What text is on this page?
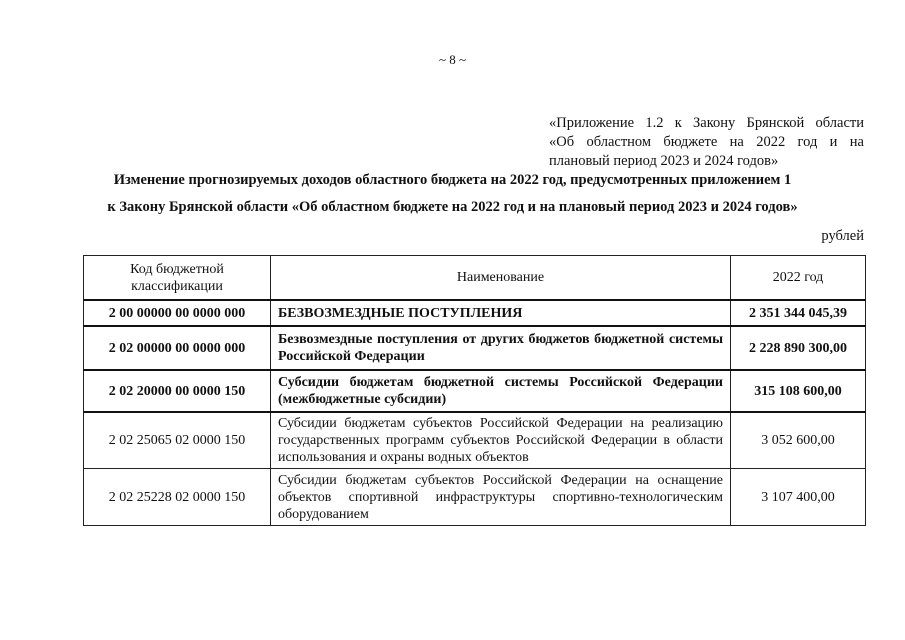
~ 8 ~
«Приложение 1.2 к Закону Брянской области
«Об областном бюджете на 2022 год и на
плановый период 2023 и 2024 годов»
Изменение прогнозируемых доходов областного бюджета на 2022 год, предусмотренных приложением 1
к Закону Брянской области «Об областном бюджете на 2022 год и на плановый период 2023 и 2024 годов»
рублей
Код бюджетной классификации	Наименование	2022 год
2 00 00000 00 0000 000	БЕЗВОЗМЕЗДНЫЕ ПОСТУПЛЕНИЯ	2 351 344 045,39
2 02 00000 00 0000 000	Безвозмездные поступления от других бюджетов бюджетной системы Российской Федерации	2 228 890 300,00
2 02 20000 00 0000 150	Субсидии бюджетам бюджетной системы Российской Федерации (межбюджетные субсидии)	315 108 600,00
2 02 25065 02 0000 150	Субсидии бюджетам субъектов Российской Федерации на реализацию государственных программ субъектов Российской Федерации в области использования и охраны водных объектов	3 052 600,00
2 02 25228 02 0000 150	Субсидии бюджетам субъектов Российской Федерации на оснащение объектов спортивной инфраструктуры спортивно-технологическим оборудованием	3 107 400,00
